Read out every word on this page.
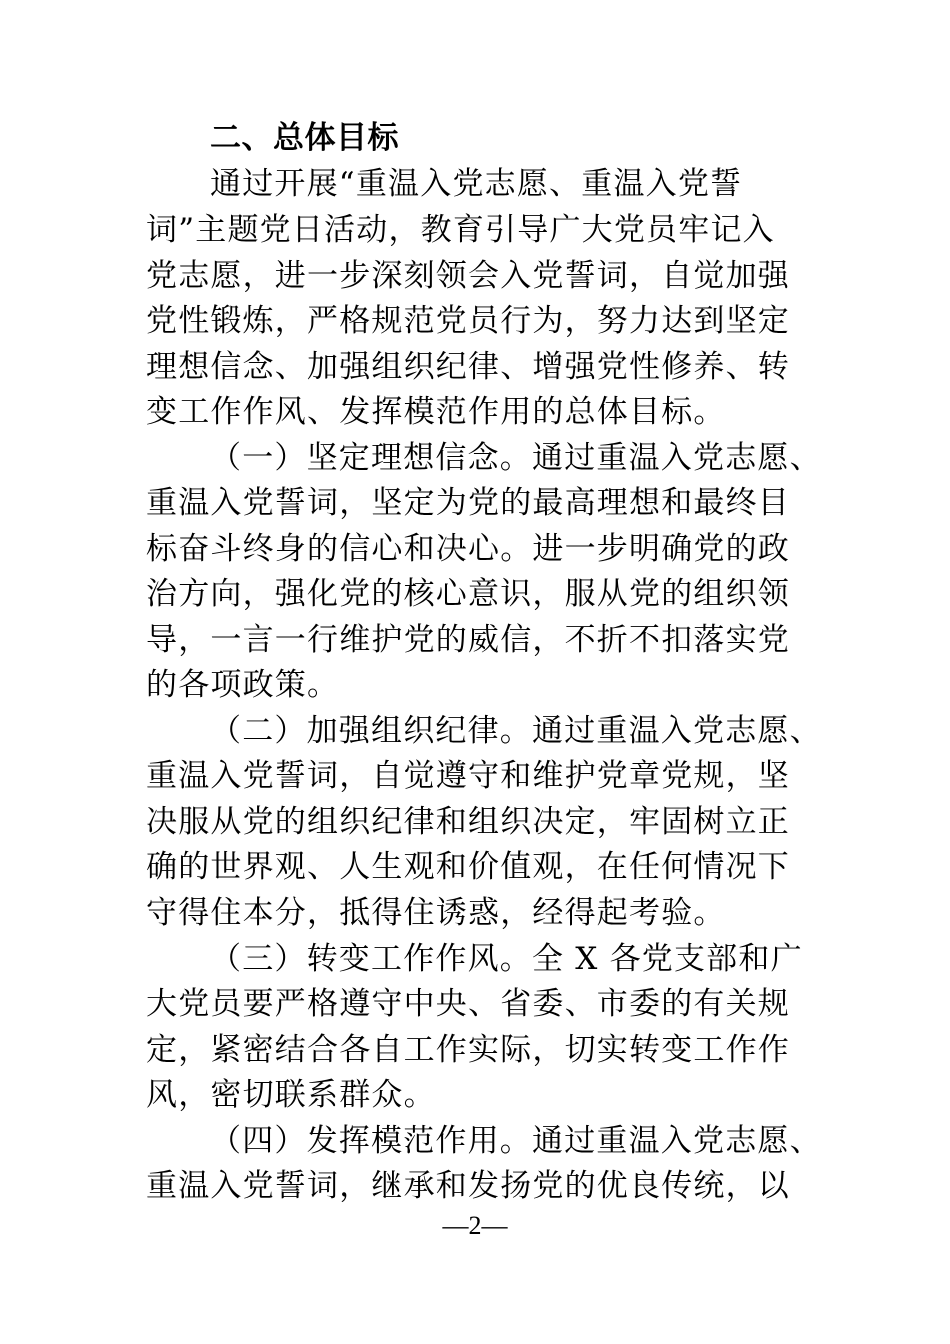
二、总体目标
通过开展“重温入党志愿、重温入党誓
词”主题党日活动，教育引导广大党员牢记入
党志愿，进一步深刻领会入党誓词，自觉加强
党性锻炼，严格规范党员行为，努力达到坚定
理想信念、加强组织纪律、增强党性修养、转
变工作作风、发挥模范作用的总体目标。
（一）坚定理想信念。通过重温入党志愿、
重温入党誓词，坚定为党的最高理想和最终目
标奋斗终身的信心和决心。进一步明确党的政
治方向，强化党的核心意识，服从党的组织领
导，一言一行维护党的威信，不折不扣落实党
的各项政策。
（二）加强组织纪律。通过重温入党志愿、
重温入党誓词，自觉遵守和维护党章党规，坚
决服从党的组织纪律和组织决定，牢固树立正
确的世界观、人生观和价值观，在任何情况下
守得住本分，抵得住诱惑，经得起考验。
（三）转变工作作风。全 X 各党支部和广
大党员要严格遵守中央、省委、市委的有关规
定，紧密结合各自工作实际，切实转变工作作
风，密切联系群众。
（四）发挥模范作用。通过重温入党志愿、
重温入党誓词，继承和发扬党的优良传统，以
—2—
